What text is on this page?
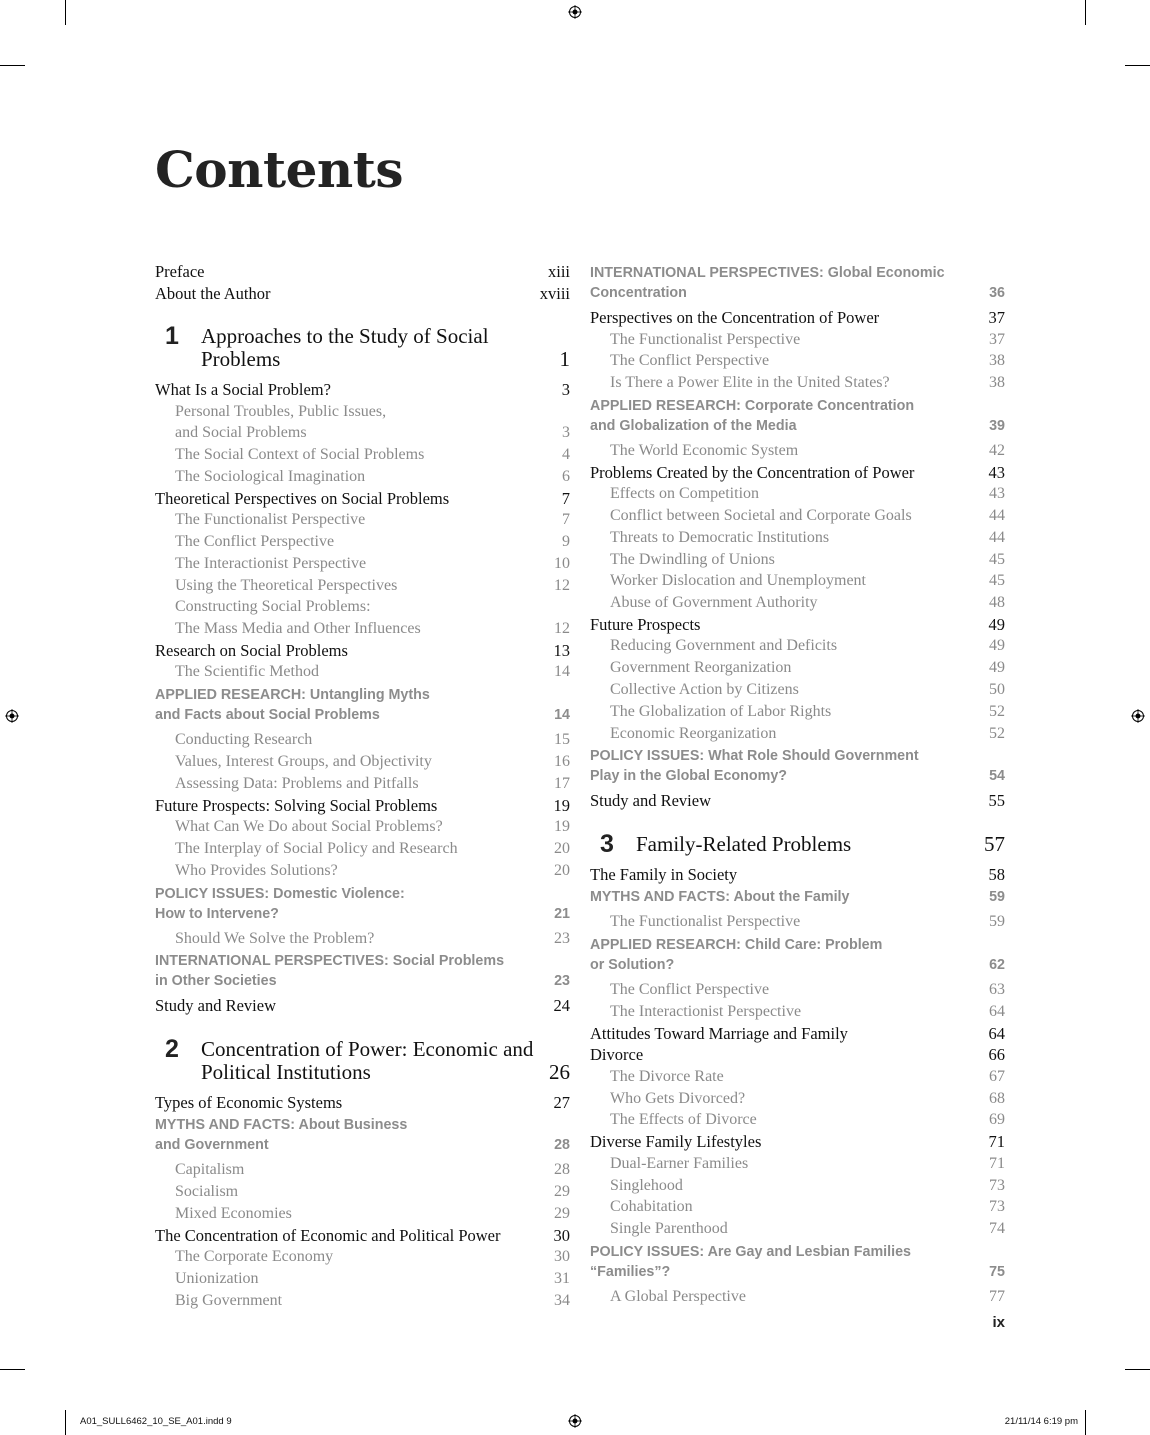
Contents
Preface	xiii
About the Author	xviii
1	Approaches to the Study of Social Problems	1
What Is a Social Problem?	3
Personal Troubles, Public Issues,
and Social Problems	3
The Social Context of Social Problems	4
The Sociological Imagination	6
Theoretical Perspectives on Social Problems	7
The Functionalist Perspective	7
The Conflict Perspective	9
The Interactionist Perspective	10
Using the Theoretical Perspectives	12
Constructing Social Problems:
The Mass Media and Other Influences	12
Research on Social Problems	13
The Scientific Method	14
APPLIED RESEARCH: Untangling Myths
and Facts about Social Problems	14
Conducting Research	15
Values, Interest Groups, and Objectivity	16
Assessing Data: Problems and Pitfalls	17
Future Prospects: Solving Social Problems	19
What Can We Do about Social Problems?	19
The Interplay of Social Policy and Research	20
Who Provides Solutions?	20
POLICY ISSUES: Domestic Violence:
How to Intervene?	21
Should We Solve the Problem?	23
INTERNATIONAL PERSPECTIVES: Social Problems
in Other Societies	23
Study and Review	24
2	Concentration of Power: Economic and Political Institutions	26
Types of Economic Systems	27
MYTHS AND FACTS: About Business
and Government	28
Capitalism	28
Socialism	29
Mixed Economies	29
The Concentration of Economic and Political Power	30
The Corporate Economy	30
Unionization	31
Big Government	34
INTERNATIONAL PERSPECTIVES: Global Economic
Concentration	36
Perspectives on the Concentration of Power	37
The Functionalist Perspective	37
The Conflict Perspective	38
Is There a Power Elite in the United States?	38
APPLIED RESEARCH: Corporate Concentration
and Globalization of the Media	39
The World Economic System	42
Problems Created by the Concentration of Power	43
Effects on Competition	43
Conflict between Societal and Corporate Goals	44
Threats to Democratic Institutions	44
The Dwindling of Unions	45
Worker Dislocation and Unemployment	45
Abuse of Government Authority	48
Future Prospects	49
Reducing Government and Deficits	49
Government Reorganization	49
Collective Action by Citizens	50
The Globalization of Labor Rights	52
Economic Reorganization	52
POLICY ISSUES: What Role Should Government
Play in the Global Economy?	54
Study and Review	55
3	Family-Related Problems	57
The Family in Society	58
MYTHS AND FACTS: About the Family	59
The Functionalist Perspective	59
APPLIED RESEARCH: Child Care: Problem
or Solution?	62
The Conflict Perspective	63
The Interactionist Perspective	64
Attitudes Toward Marriage and Family	64
Divorce	66
The Divorce Rate	67
Who Gets Divorced?	68
The Effects of Divorce	69
Diverse Family Lifestyles	71
Dual-Earner Families	71
Singlehood	73
Cohabitation	73
Single Parenthood	74
POLICY ISSUES: Are Gay and Lesbian Families
“Families”?	75
A Global Perspective	77
ix
A01_SULL6462_10_SE_A01.indd 9	21/11/14 6:19 pm
